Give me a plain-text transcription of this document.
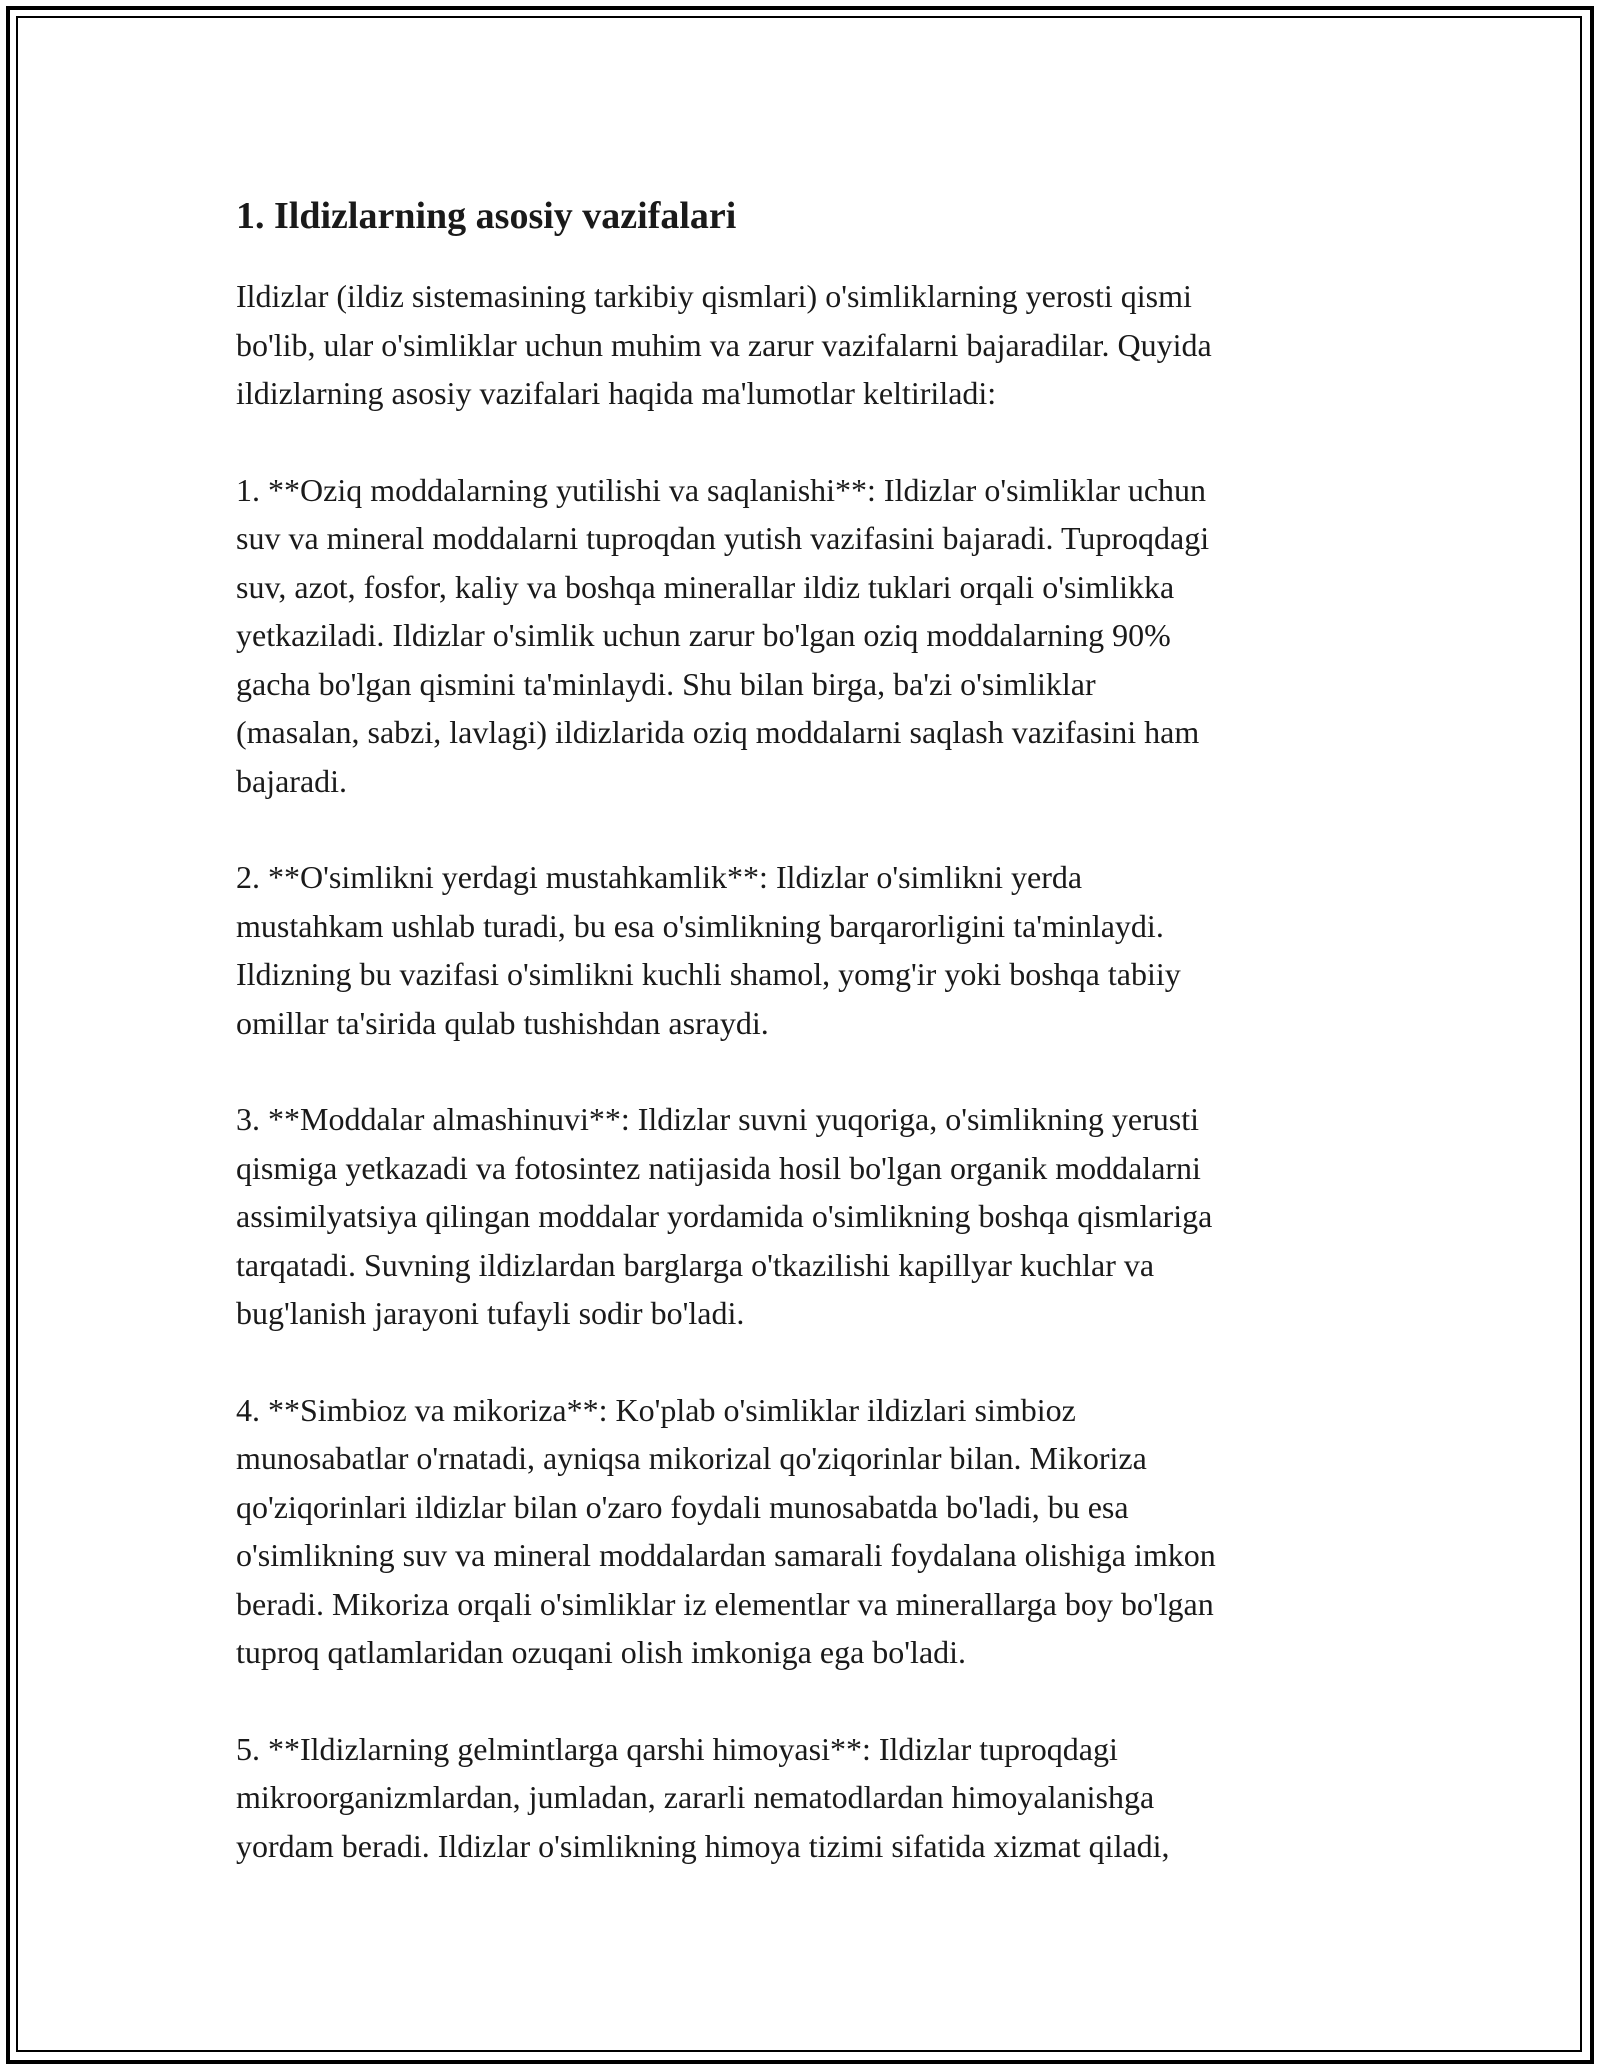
1. Ildizlarning asosiy vazifalari

Ildizlar (ildiz sistemasining tarkibiy qismlari) o'simliklarning yerosti qismi
bo'lib, ular o'simliklar uchun muhim va zarur vazifalarni bajaradilar. Quyida
ildizlarning asosiy vazifalari haqida ma'lumotlar keltiriladi:

1. **Oziq moddalarning yutilishi va saqlanishi**: Ildizlar o'simliklar uchun
suv va mineral moddalarni tuproqdan yutish vazifasini bajaradi. Tuproqdagi
suv, azot, fosfor, kaliy va boshqa minerallar ildiz tuklari orqali o'simlikka
yetkaziladi. Ildizlar o'simlik uchun zarur bo'lgan oziq moddalarning 90%
gacha bo'lgan qismini ta'minlaydi. Shu bilan birga, ba'zi o'simliklar
(masalan, sabzi, lavlagi) ildizlarida oziq moddalarni saqlash vazifasini ham
bajaradi.

2. **O'simlikni yerdagi mustahkamlik**: Ildizlar o'simlikni yerda
mustahkam ushlab turadi, bu esa o'simlikning barqarorligini ta'minlaydi.
Ildizning bu vazifasi o'simlikni kuchli shamol, yomg'ir yoki boshqa tabiiy
omillar ta'sirida qulab tushishdan asraydi.

3. **Moddalar almashinuvi**: Ildizlar suvni yuqoriga, o'simlikning yerusti
qismiga yetkazadi va fotosintez natijasida hosil bo'lgan organik moddalarni
assimilyatsiya qilingan moddalar yordamida o'simlikning boshqa qismlariga
tarqatadi. Suvning ildizlardan barglarga o'tkazilishi kapillyar kuchlar va
bug'lanish jarayoni tufayli sodir bo'ladi.

4. **Simbioz va mikoriza**: Ko'plab o'simliklar ildizlari simbioz
munosabatlar o'rnatadi, ayniqsa mikorizal qo'ziqorinlar bilan. Mikoriza
qo'ziqorinlari ildizlar bilan o'zaro foydali munosabatda bo'ladi, bu esa
o'simlikning suv va mineral moddalardan samarali foydalana olishiga imkon
beradi. Mikoriza orqali o'simliklar iz elementlar va minerallarga boy bo'lgan
tuproq qatlamlaridan ozuqani olish imkoniga ega bo'ladi.

5. **Ildizlarning gelmintlarga qarshi himoyasi**: Ildizlar tuproqdagi
mikroorganizmlardan, jumladan, zararli nematodlardan himoyalanishga
yordam beradi. Ildizlar o'simlikning himoya tizimi sifatida xizmat qiladi,
